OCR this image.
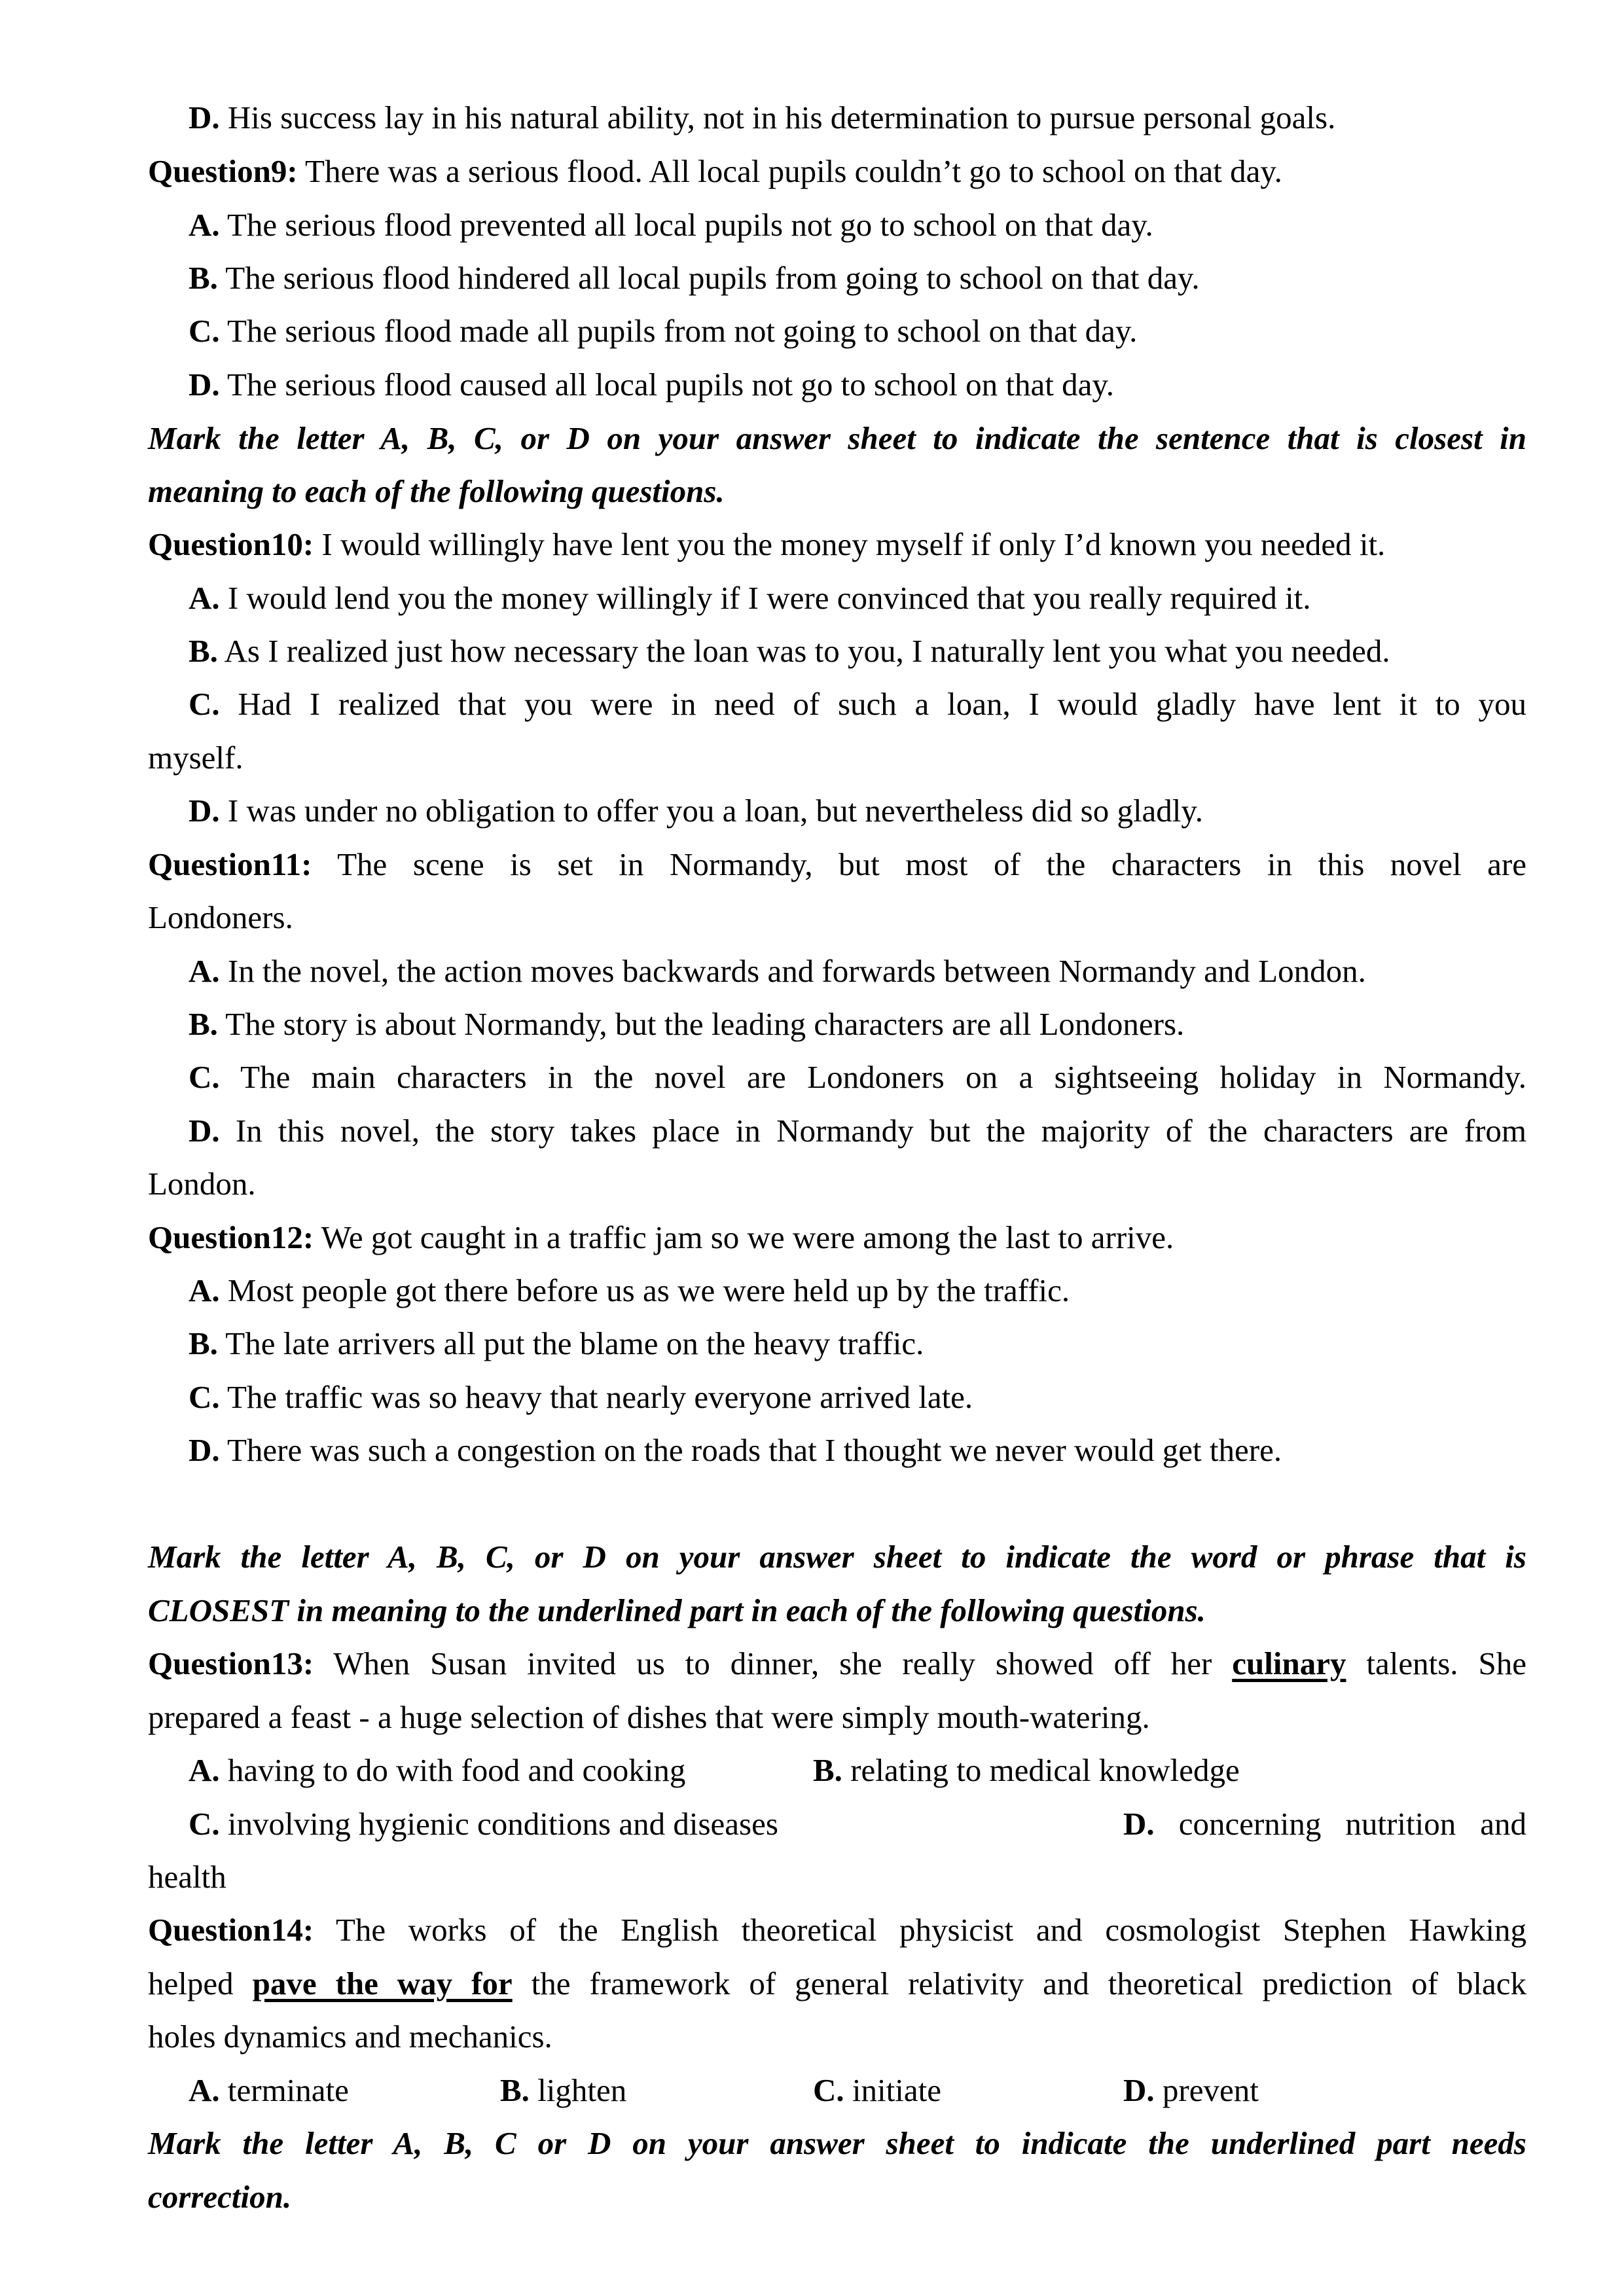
D. His success lay in his natural ability, not in his determination to pursue personal goals.
Question9: There was a serious flood. All local pupils couldn’t go to school on that day.
A. The serious flood prevented all local pupils not go to school on that day.
B. The serious flood hindered all local pupils from going to school on that day.
C. The serious flood made all pupils from not going to school on that day.
D. The serious flood caused all local pupils not go to school on that day.
Mark the letter A, B, C, or D on your answer sheet to indicate the sentence that is closest in
meaning to each of the following questions.
Question10: I would willingly have lent you the money myself if only I’d known you needed it.
A. I would lend you the money willingly if I were convinced that you really required it.
B. As I realized just how necessary the loan was to you, I naturally lent you what you needed.
C. Had I realized that you were in need of such a loan, I would gladly have lent it to you
myself.
D. I was under no obligation to offer you a loan, but nevertheless did so gladly.
Question11: The scene is set in Normandy, but most of the characters in this novel are
Londoners.
A. In the novel, the action moves backwards and forwards between Normandy and London.
B. The story is about Normandy, but the leading characters are all Londoners.
C. The main characters in the novel are Londoners on a sightseeing holiday in Normandy.
D. In this novel, the story takes place in Normandy but the majority of the characters are from
London.
Question12: We got caught in a traffic jam so we were among the last to arrive.
A. Most people got there before us as we were held up by the traffic.
B. The late arrivers all put the blame on the heavy traffic.
C. The traffic was so heavy that nearly everyone arrived late.
D. There was such a congestion on the roads that I thought we never would get there.
Mark the letter A, B, C, or D on your answer sheet to indicate the word or phrase that is
CLOSEST in meaning to the underlined part in each of the following questions.
Question13: When Susan invited us to dinner, she really showed off her culinary talents. She
prepared a feast - a huge selection of dishes that were simply mouth-watering.
A. having to do with food and cooking	B. relating to medical knowledge
C. involving hygienic conditions and diseases	D. concerning nutrition and
health
Question14: The works of the English theoretical physicist and cosmologist Stephen Hawking
helped pave the way for the framework of general relativity and theoretical prediction of black
holes dynamics and mechanics.
A. terminate	B. lighten	C. initiate	D. prevent
Mark the letter A, B, C or D on your answer sheet to indicate the underlined part needs
correction.
